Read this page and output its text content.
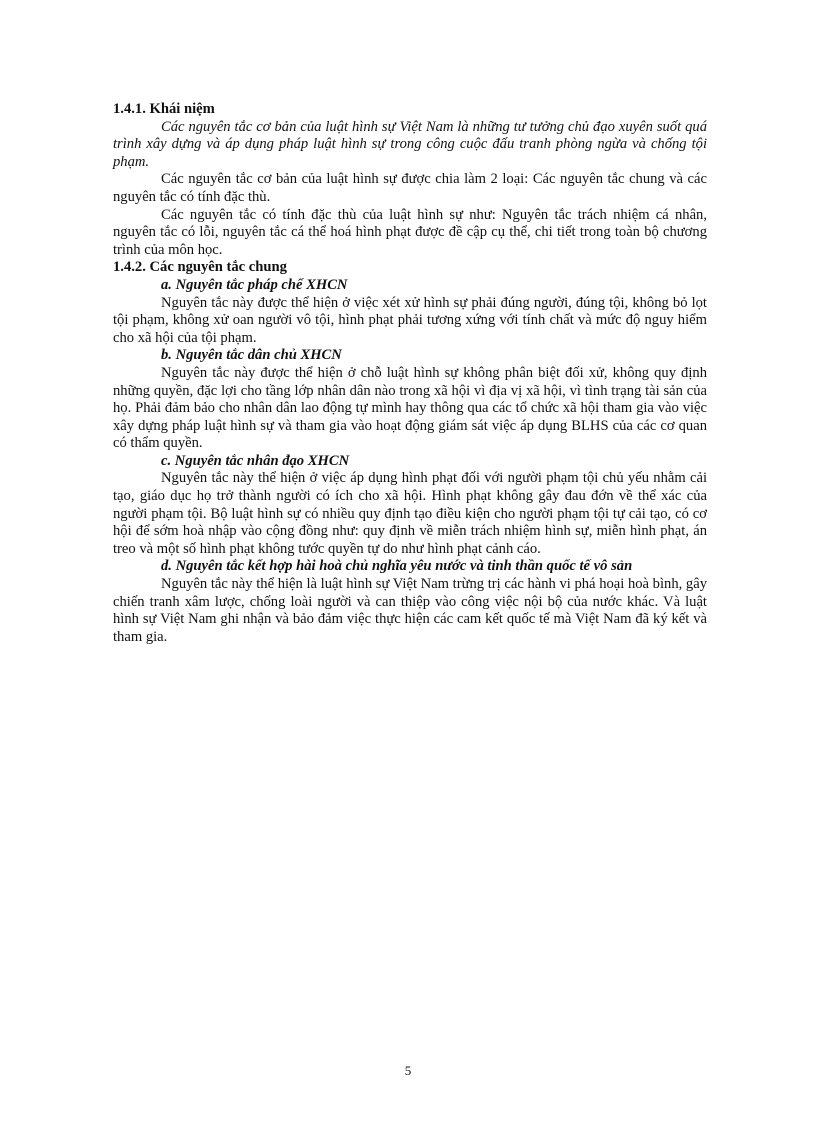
1.4.1. Khái niệm

Các nguyên tắc cơ bản của luật hình sự Việt Nam là những tư tưởng chủ đạo xuyên suốt quá trình xây dựng và áp dụng pháp luật hình sự trong công cuộc đấu tranh phòng ngừa và chống tội phạm.

Các nguyên tắc cơ bản của luật hình sự được chia làm 2 loại: Các nguyên tắc chung và các nguyên tắc có tính đặc thù.

Các nguyên tắc có tính đặc thù của luật hình sự như: Nguyên tắc trách nhiệm cá nhân, nguyên tắc có lỗi, nguyên tắc cá thể hoá hình phạt được đề cập cụ thể, chi tiết trong toàn bộ chương trình của môn học.

1.4.2. Các nguyên tắc chung

a. Nguyên tắc pháp chế XHCN

Nguyên tắc này được thể hiện ở việc xét xử hình sự phải đúng người, đúng tội, không bỏ lọt tội phạm, không xử oan người vô tội, hình phạt phải tương xứng với tính chất và mức độ nguy hiểm cho xã hội của tội phạm.

b. Nguyên tắc dân chủ XHCN

Nguyên tắc này được thể hiện ở chỗ luật hình sự không phân biệt đối xử, không quy định những quyền, đặc lợi cho tầng lớp nhân dân nào trong xã hội vì địa vị xã hội, vì tình trạng tài sản của họ. Phải đảm bảo cho nhân dân lao động tự mình hay thông qua các tổ chức xã hội tham gia vào việc xây dựng pháp luật hình sự và tham gia vào hoạt động giám sát việc áp dụng BLHS của các cơ quan có thẩm quyền.

c. Nguyên tắc nhân đạo XHCN

Nguyên tắc này thể hiện ở việc áp dụng hình phạt đối với người phạm tội chủ yếu nhằm cải tạo, giáo dục họ trở thành người có ích cho xã hội. Hình phạt không gây đau đớn về thể xác của người phạm tội. Bộ luật hình sự có nhiều quy định tạo điều kiện cho người phạm tội tự cải tạo, có cơ hội để sớm hoà nhập vào cộng đồng như: quy định về miễn trách nhiệm hình sự, miễn hình phạt, án treo và một số hình phạt không tước quyền tự do như hình phạt cảnh cáo.

d. Nguyên tắc kết hợp hài hoà chủ nghĩa yêu nước và tinh thần quốc tế vô sản

Nguyên tắc này thể hiện là luật hình sự Việt Nam trừng trị các hành vi phá hoại hoà bình, gây chiến tranh xâm lược, chống loài người và can thiệp vào công việc nội bộ của nước khác. Và luật hình sự Việt Nam ghi nhận và bảo đảm việc thực hiện các cam kết quốc tế mà Việt Nam đã ký kết và tham gia.

5
